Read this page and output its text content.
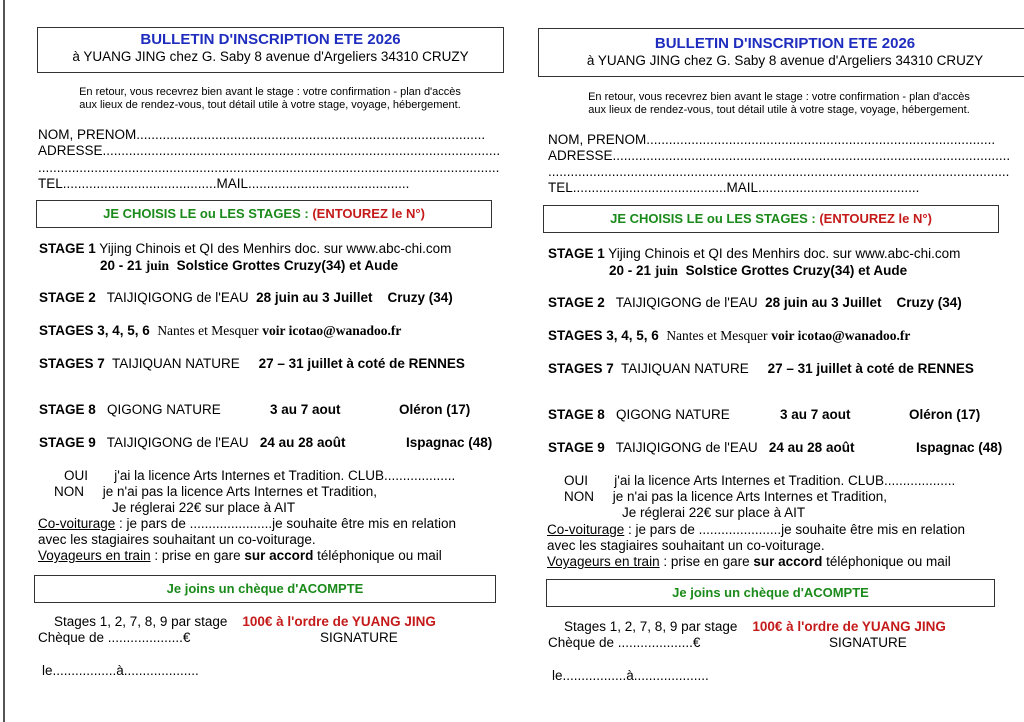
BULLETIN D'INSCRIPTION ETE 2026
à YUANG JING chez G. Saby 8 avenue d'Argeliers 34310 CRUZY
En retour, vous recevrez bien avant le stage : votre confirmation - plan d'accès
aux lieux de rendez-vous, tout détail utile à votre stage, voyage, hébergement.
NOM, PRENOM.............................................................................................
ADRESSE..........................................................................................................
...........................................................................................................................
TEL.........................................MAIL...........................................
JE CHOISIS LE ou LES STAGES : (ENTOUREZ le N°)
STAGE 1 Yijing Chinois et QI des Menhirs doc. sur www.abc-chi.com
20 - 21 juin Solstice Grottes Cruzy(34) et Aude
STAGE 2 TAIJIQIGONG de l'EAU 28 juin au 3 Juillet Cruzy (34)
STAGES 3, 4, 5, 6 Nantes et Mesquer voir icotao@wanadoo.fr
STAGES 7 TAIJIQUAN NATURE 27 – 31 juillet à coté de RENNES
STAGE 8 QIGONG NATURE	3 au 7 aout	Oléron (17)
STAGE 9 TAIJIQIGONG de l'EAU 24 au 28 août	Ispagnac (48)
OUI j'ai la licence Arts Internes et Tradition. CLUB...................
NON je n'ai pas la licence Arts Internes et Tradition,
Je réglerai 22€ sur place à AIT
Co-voiturage : je pars de ......................je souhaite être mis en relation
avec les stagiaires souhaitant un co-voiturage.
Voyageurs en train : prise en gare sur accord téléphonique ou mail
Je joins un chèque d'ACOMPTE
Stages 1, 2, 7, 8, 9 par stage 100€ à l'ordre de YUANG JING
Chèque de ....................€	SIGNATURE
le.................à....................
BULLETIN D'INSCRIPTION ETE 2026
à YUANG JING chez G. Saby 8 avenue d'Argeliers 34310 CRUZY
En retour, vous recevrez bien avant le stage : votre confirmation - plan d'accès
aux lieux de rendez-vous, tout détail utile à votre stage, voyage, hébergement.
NOM, PRENOM.............................................................................................
ADRESSE..........................................................................................................
...........................................................................................................................
TEL.........................................MAIL...........................................
JE CHOISIS LE ou LES STAGES : (ENTOUREZ le N°)
STAGE 1 Yijing Chinois et QI des Menhirs doc. sur www.abc-chi.com
20 - 21 juin Solstice Grottes Cruzy(34) et Aude
STAGE 2 TAIJIQIGONG de l'EAU 28 juin au 3 Juillet Cruzy (34)
STAGES 3, 4, 5, 6 Nantes et Mesquer voir icotao@wanadoo.fr
STAGES 7 TAIJIQUAN NATURE 27 – 31 juillet à coté de RENNES
STAGE 8 QIGONG NATURE	3 au 7 aout	Oléron (17)
STAGE 9 TAIJIQIGONG de l'EAU 24 au 28 août	Ispagnac (48)
OUI j'ai la licence Arts Internes et Tradition. CLUB...................
NON je n'ai pas la licence Arts Internes et Tradition,
Je réglerai 22€ sur place à AIT
Co-voiturage : je pars de ......................je souhaite être mis en relation
avec les stagiaires souhaitant un co-voiturage.
Voyageurs en train : prise en gare sur accord téléphonique ou mail
Je joins un chèque d'ACOMPTE
Stages 1, 2, 7, 8, 9 par stage 100€ à l'ordre de YUANG JING
Chèque de ....................€	SIGNATURE
le.................à....................
